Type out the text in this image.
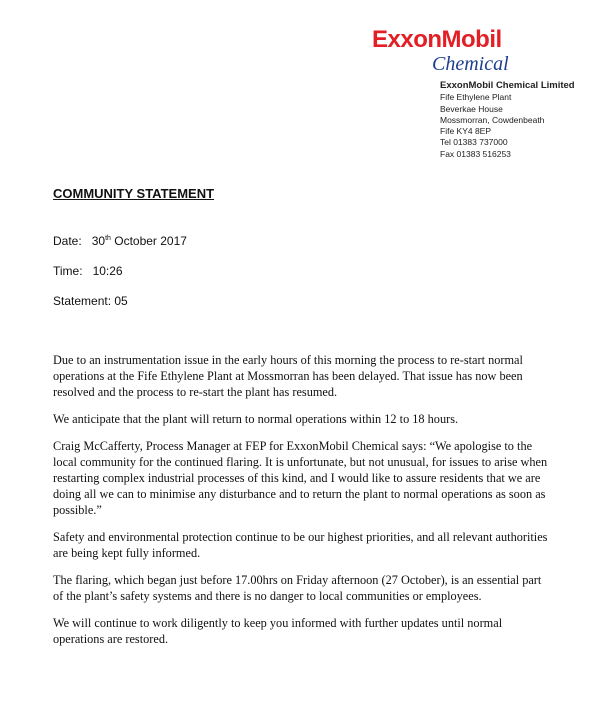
ExxonMobil
Chemical
ExxonMobil Chemical Limited
Fife Ethylene Plant
Beverkae House
Mossmorran, Cowdenbeath
Fife KY4 8EP
Tel 01383 737000
Fax 01383 516253
COMMUNITY STATEMENT
Date: 30th October 2017
Time: 10:26
Statement: 05

Due to an instrumentation issue in the early hours of this morning the process to re-start normal operations at the Fife Ethylene Plant at Mossmorran has been delayed. That issue has now been resolved and the process to re-start the plant has resumed.

We anticipate that the plant will return to normal operations within 12 to 18 hours.

Craig McCafferty, Process Manager at FEP for ExxonMobil Chemical says: “We apologise to the local community for the continued flaring. It is unfortunate, but not unusual, for issues to arise when restarting complex industrial processes of this kind, and I would like to assure residents that we are doing all we can to minimise any disturbance and to return the plant to normal operations as soon as possible.”

Safety and environmental protection continue to be our highest priorities, and all relevant authorities are being kept fully informed.

The flaring, which began just before 17.00hrs on Friday afternoon (27 October), is an essential part of the plant’s safety systems and there is no danger to local communities or employees.

We will continue to work diligently to keep you informed with further updates until normal operations are restored.
